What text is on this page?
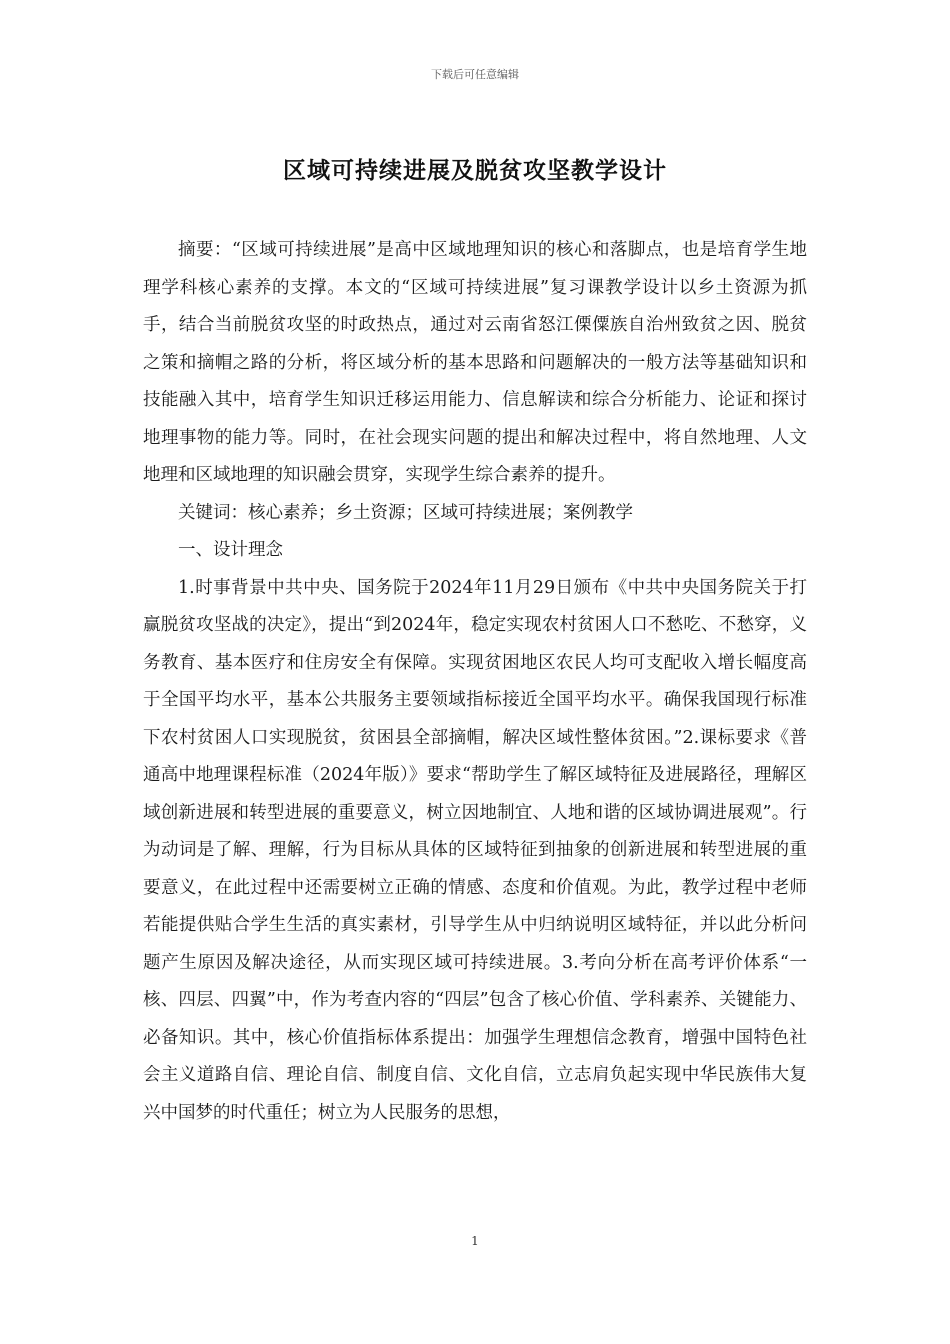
下载后可任意编辑
区域可持续进展及脱贫攻坚教学设计

摘要：“区域可持续进展”是高中区域地理知识的核心和落脚点，也是培育学生地理学科核心素养的支撑。本文的“区域可持续进展”复习课教学设计以乡土资源为抓手，结合当前脱贫攻坚的时政热点，通过对云南省怒江傈僳族自治州致贫之因、脱贫之策和摘帽之路的分析，将区域分析的基本思路和问题解决的一般方法等基础知识和技能融入其中，培育学生知识迁移运用能力、信息解读和综合分析能力、论证和探讨地理事物的能力等。同时，在社会现实问题的提出和解决过程中，将自然地理、人文地理和区域地理的知识融会贯穿，实现学生综合素养的提升。

关键词：核心素养；乡土资源；区域可持续进展；案例教学

一、设计理念

1.时事背景中共中央、国务院于2024年11月29日颁布《中共中央国务院关于打赢脱贫攻坚战的决定》，提出“到2024年，稳定实现农村贫困人口不愁吃、不愁穿，义务教育、基本医疗和住房安全有保障。实现贫困地区农民人均可支配收入增长幅度高于全国平均水平，基本公共服务主要领域指标接近全国平均水平。确保我国现行标准下农村贫困人口实现脱贫，贫困县全部摘帽，解决区域性整体贫困。”2.课标要求《普通高中地理课程标准（2024年版）》要求“帮助学生了解区域特征及进展路径，理解区域创新进展和转型进展的重要意义，树立因地制宜、人地和谐的区域协调进展观”。行为动词是了解、理解，行为目标从具体的区域特征到抽象的创新进展和转型进展的重要意义，在此过程中还需要树立正确的情感、态度和价值观。为此，教学过程中老师若能提供贴合学生生活的真实素材，引导学生从中归纳说明区域特征，并以此分析问题产生原因及解决途径，从而实现区域可持续进展。3.考向分析在高考评价体系“一核、四层、四翼”中，作为考查内容的“四层”包含了核心价值、学科素养、关键能力、必备知识。其中，核心价值指标体系提出：加强学生理想信念教育，增强中国特色社会主义道路自信、理论自信、制度自信、文化自信，立志肩负起实现中华民族伟大复兴中国梦的时代重任；树立为人民服务的思想，

1
